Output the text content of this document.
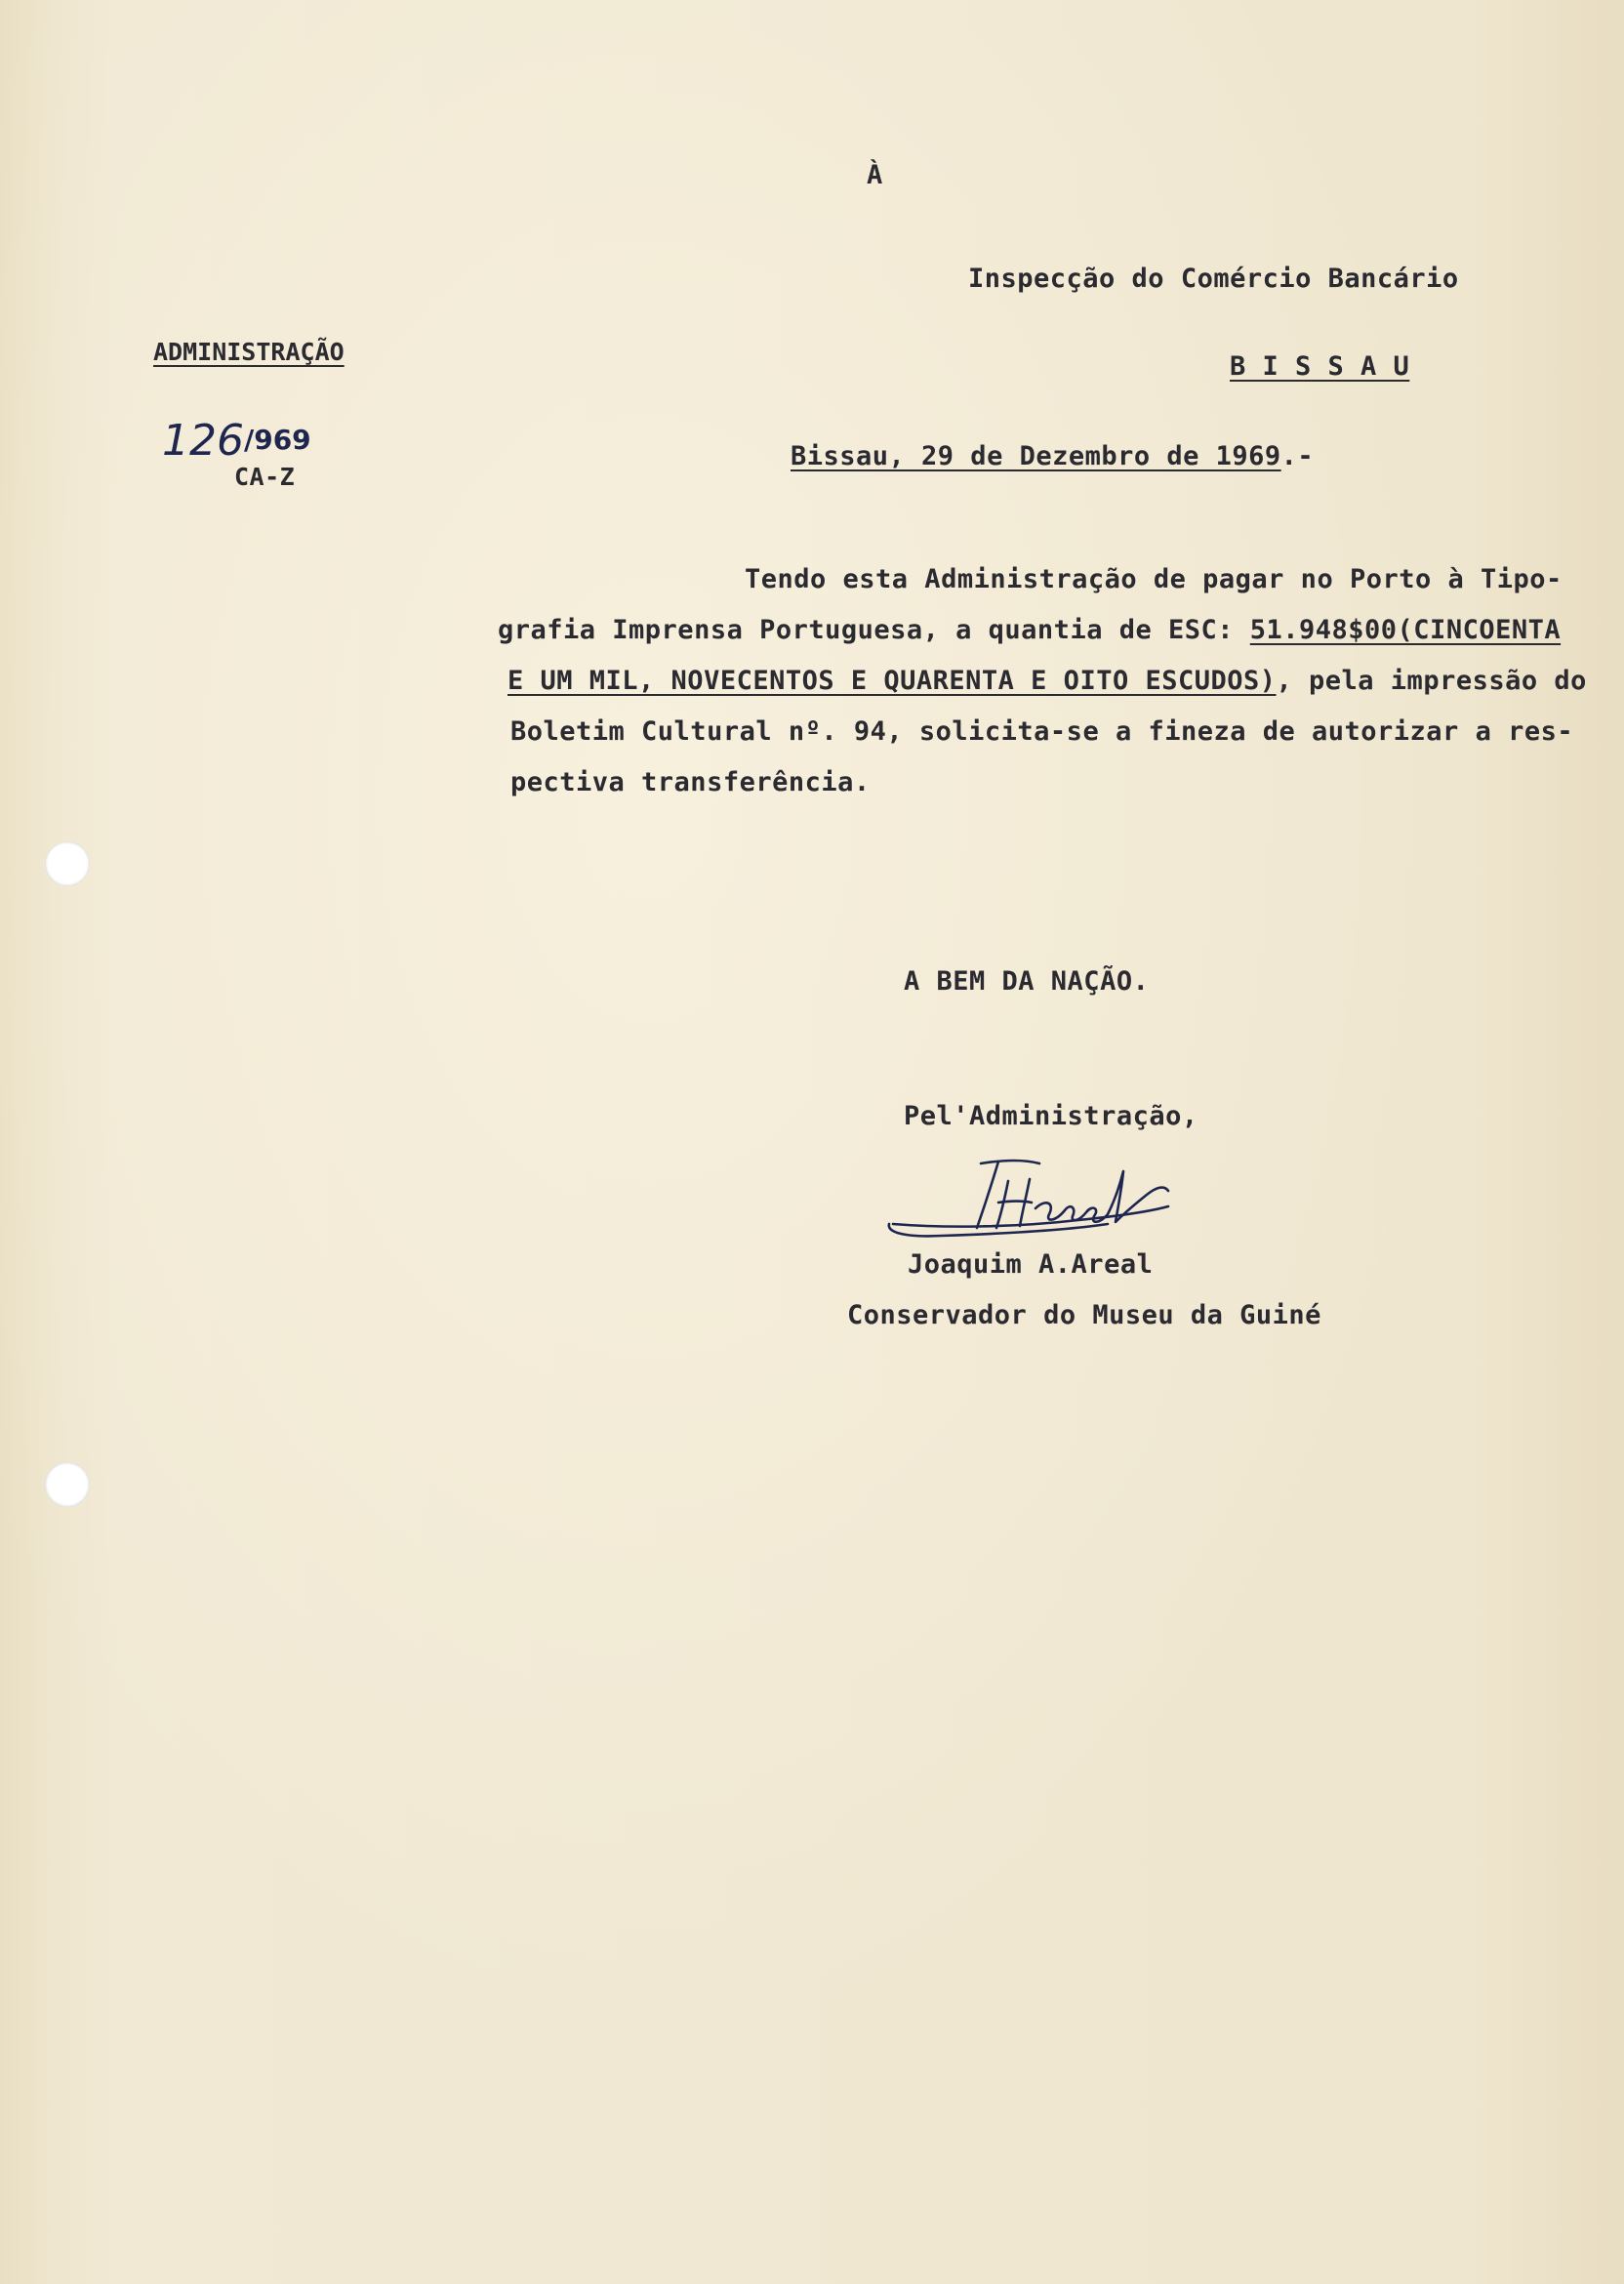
À
Inspecção do Comércio Bancário
B I S S A U
ADMINISTRAÇÃO
126/969
CA-Z
Bissau, 29 de Dezembro de 1969.-
Tendo esta Administração de pagar no Porto à Tipo-
grafia Imprensa Portuguesa, a quantia de ESC: 51.948$00(CINCOENTA
E UM MIL, NOVECENTOS E QUARENTA E OITO ESCUDOS), pela impressão do
Boletim Cultural nº. 94, solicita-se a fineza de autorizar a res-
pectiva transferência.
A BEM DA NAÇÃO.
Pel'Administração,
Joaquim A.Areal
Conservador do Museu da Guiné
